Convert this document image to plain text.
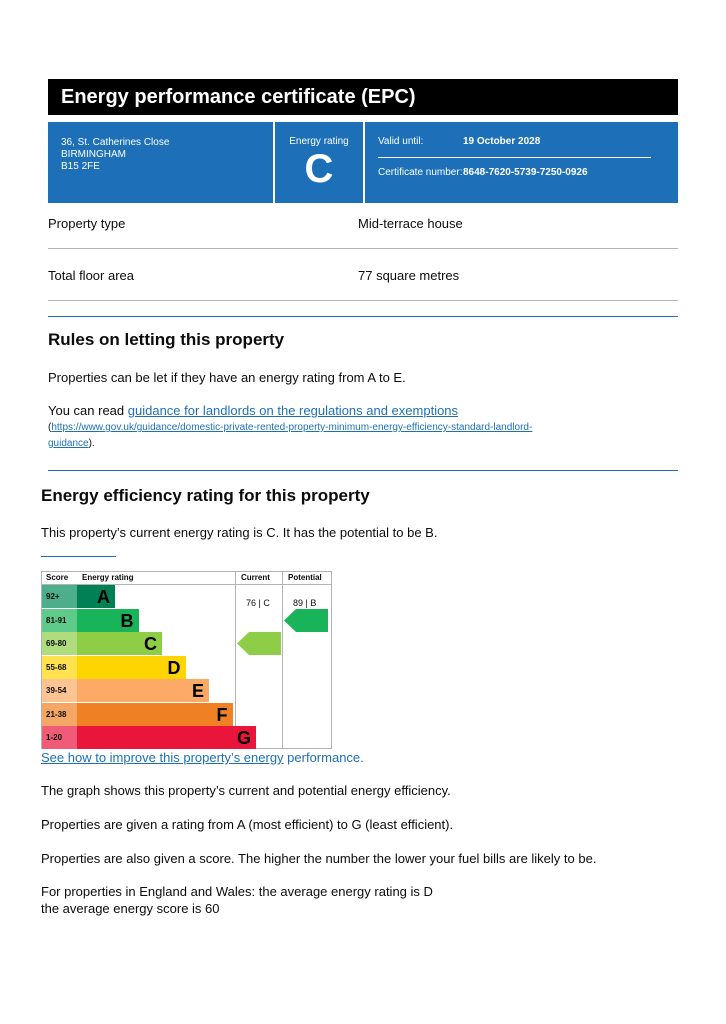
Energy performance certificate (EPC)
36, St. Catherines Close
BIRMINGHAM
B15 2FE
Energy rating
C
Valid until:	19 October 2028
Certificate number: 8648-7620-5739-7250-0926
Property type	Mid-terrace house
Total floor area	77 square metres
Rules on letting this property
Properties can be let if they have an energy rating from A to E.
You can read guidance for landlords on the regulations and exemptions
(https://www.gov.uk/guidance/domestic-private-rented-property-minimum-energy-efficiency-standard-landlord-
guidance).
Energy efficiency rating for this property
This property’s current energy rating is C. It has the potential to be B.
Score Energy rating	Current Potential
92+	A
81-91	B
69-80	C
55-68	D
39-54	E
21-38	F
1-20	G
76 | C	89 | B
See how to improve this property’s energy performance.
The graph shows this property’s current and potential energy efficiency.
Properties are given a rating from A (most efficient) to G (least efficient).
Properties are also given a score. The higher the number the lower your fuel bills are likely to be.
For properties in England and Wales: the average energy rating is D
the average energy score is 60
